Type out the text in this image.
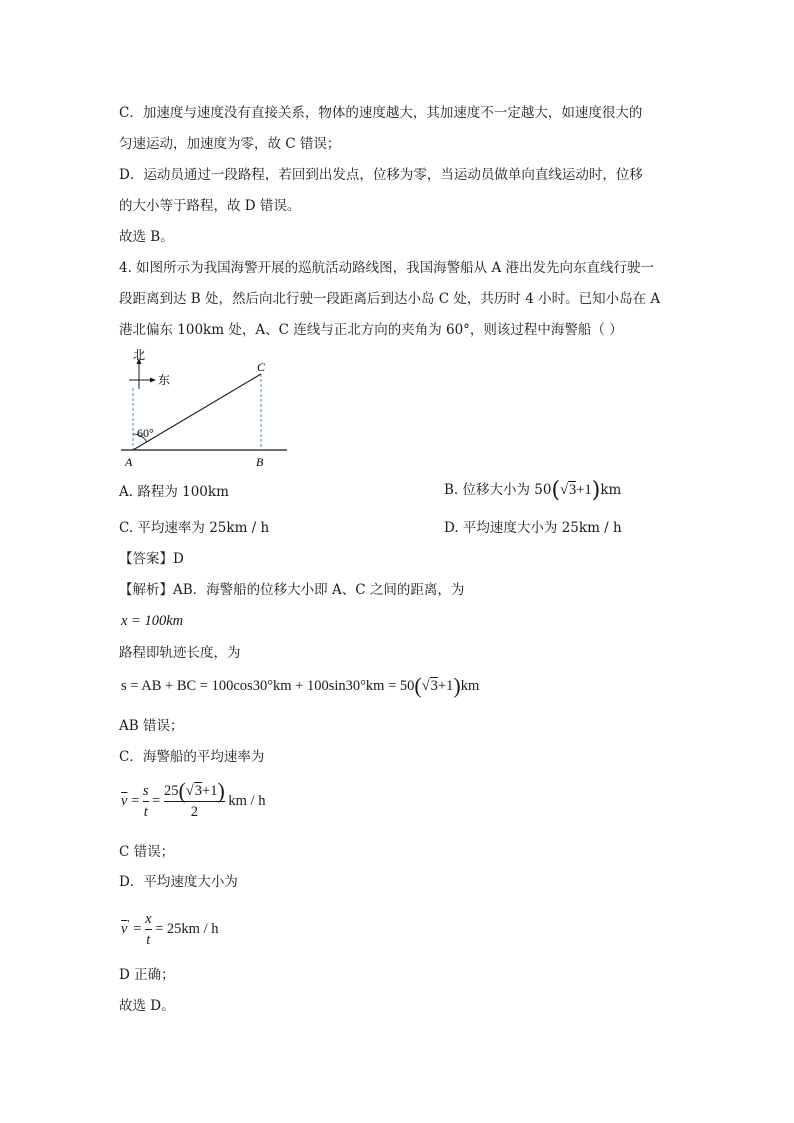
C．加速度与速度没有直接关系，物体的速度越大，其加速度不一定越大，如速度很大的
匀速运动，加速度为零，故 C 错误；
D．运动员通过一段路程，若回到出发点，位移为零，当运动员做单向直线运动时，位移
的大小等于路程，故 D 错误。
故选 B。
4. 如图所示为我国海警开展的巡航活动路线图，我国海警船从 A 港出发先向东直线行驶一
段距离到达 B 处，然后向北行驶一段距离后到达小岛 C 处，共历时 4 小时。已知小岛在 A
港北偏东 100km 处，A、C 连线与正北方向的夹角为 60°，则该过程中海警船（ ）
北
东
60°
A	B
C
A. 路程为 100km	B. 位移大小为 50(√3+1)km
C. 平均速率为 25km / h	D. 平均速度大小为 25km / h
【答案】D
【解析】AB．海警船的位移大小即 A、C 之间的距离，为
x = 100km
路程即轨迹长度，为
s = AB + BC = 100cos30°km + 100sin30°km = 50(√3+1)km
AB 错误；
C．海警船的平均速率为
$\overline{v} = \frac{s}{t} = \frac{25(√3+1)}{2}$ km / h
C 错误；
D．平均速度大小为
$\overline{v}' = \frac{x}{t} = 25km / h$
D 正确；
故选 D。
